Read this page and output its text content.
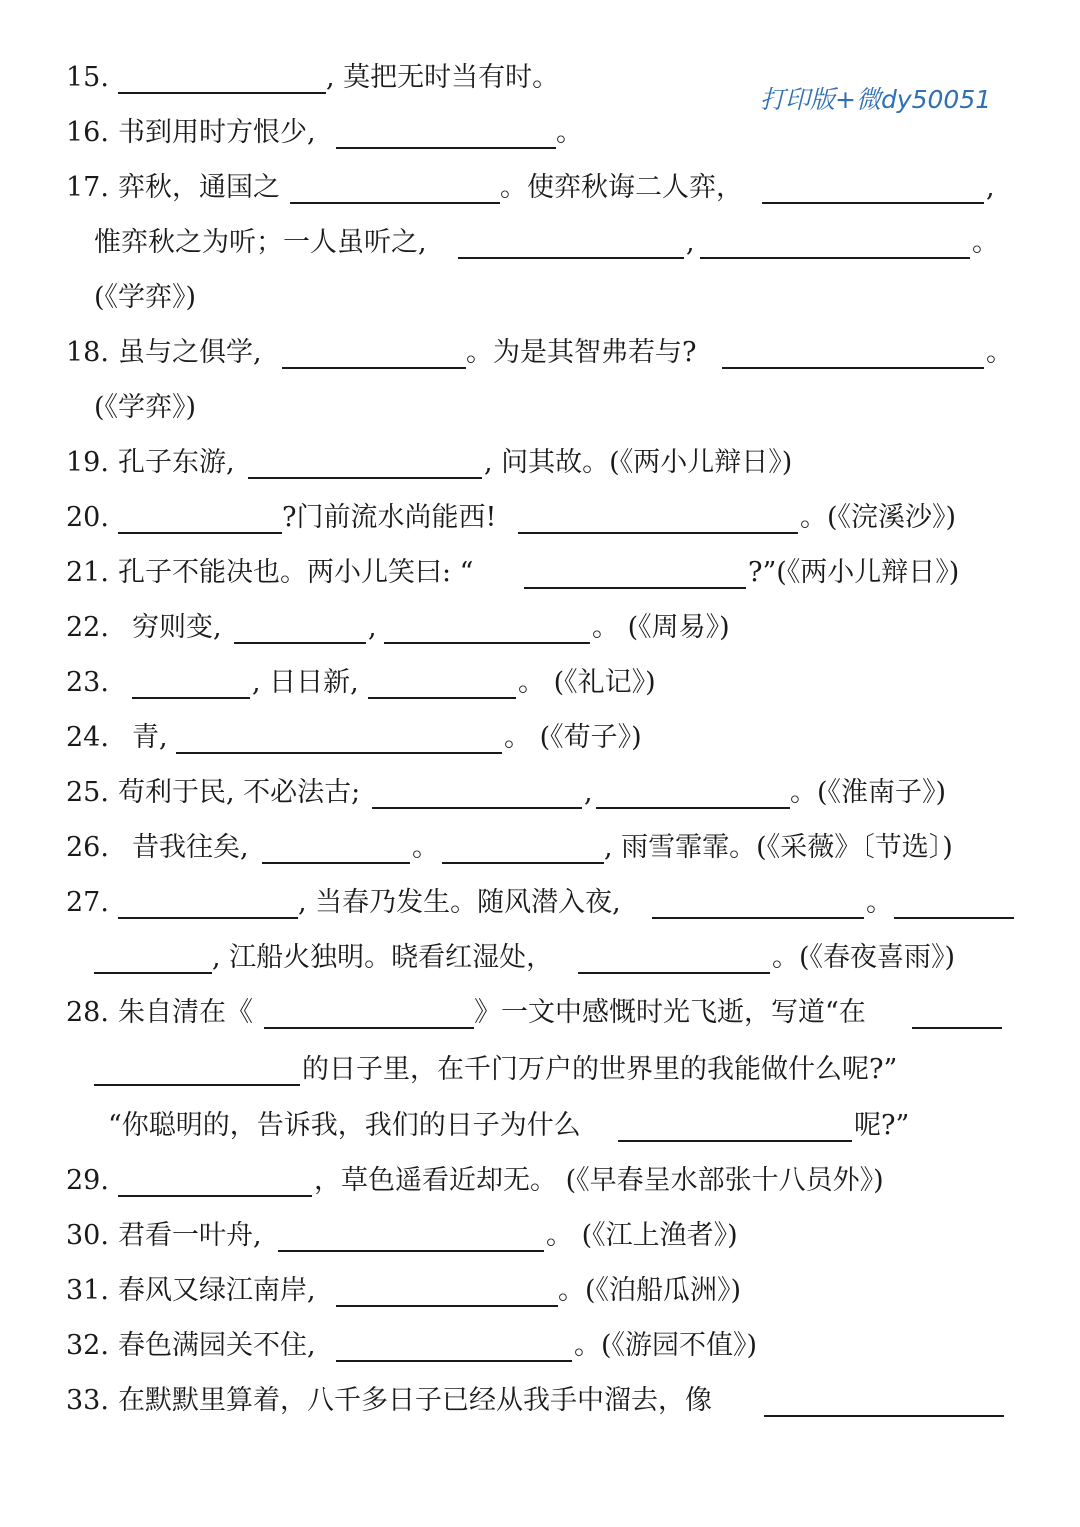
打印版+微dy50051
15.	, 莫把无时当有时。
16. 书到用时方恨少,	。
17. 弈秋，通国之	。使弈秋诲二人弈，	,
惟弈秋之为听；一人虽听之,	,	。
(《学弈》)
18. 虽与之俱学,	。为是其智弗若与?	。
(《学弈》)
19. 孔子东游,	, 问其故。(《两小儿辩日》)
20.	?门前流水尚能西!	。(《浣溪沙》)
21. 孔子不能决也。两小儿笑曰: “	?”(《两小儿辩日》)
22. 穷则变,	,	。 (《周易》)
23.	, 日日新,	。 (《礼记》)
24. 青,	。 (《荀子》)
25. 苟利于民, 不必法古;	,	。(《淮南子》)
26. 昔我往矣,	。	, 雨雪霏霏。(《采薇》〔节选〕)
27.	, 当春乃发生。随风潜入夜,	。
, 江船火独明。晓看红湿处，	。(《春夜喜雨》)
28. 朱自清在《	》一文中感慨时光飞逝，写道“在
的日子里，在千门万户的世界里的我能做什么呢?”
“你聪明的，告诉我，我们的日子为什么	呢?”
29.	，草色遥看近却无。 (《早春呈水部张十八员外》)
30. 君看一叶舟,	。 (《江上渔者》)
31. 春风又绿江南岸,	。(《泊船瓜洲》)
32. 春色满园关不住,	。(《游园不值》)
33. 在默默里算着，八千多日子已经从我手中溜去，像
